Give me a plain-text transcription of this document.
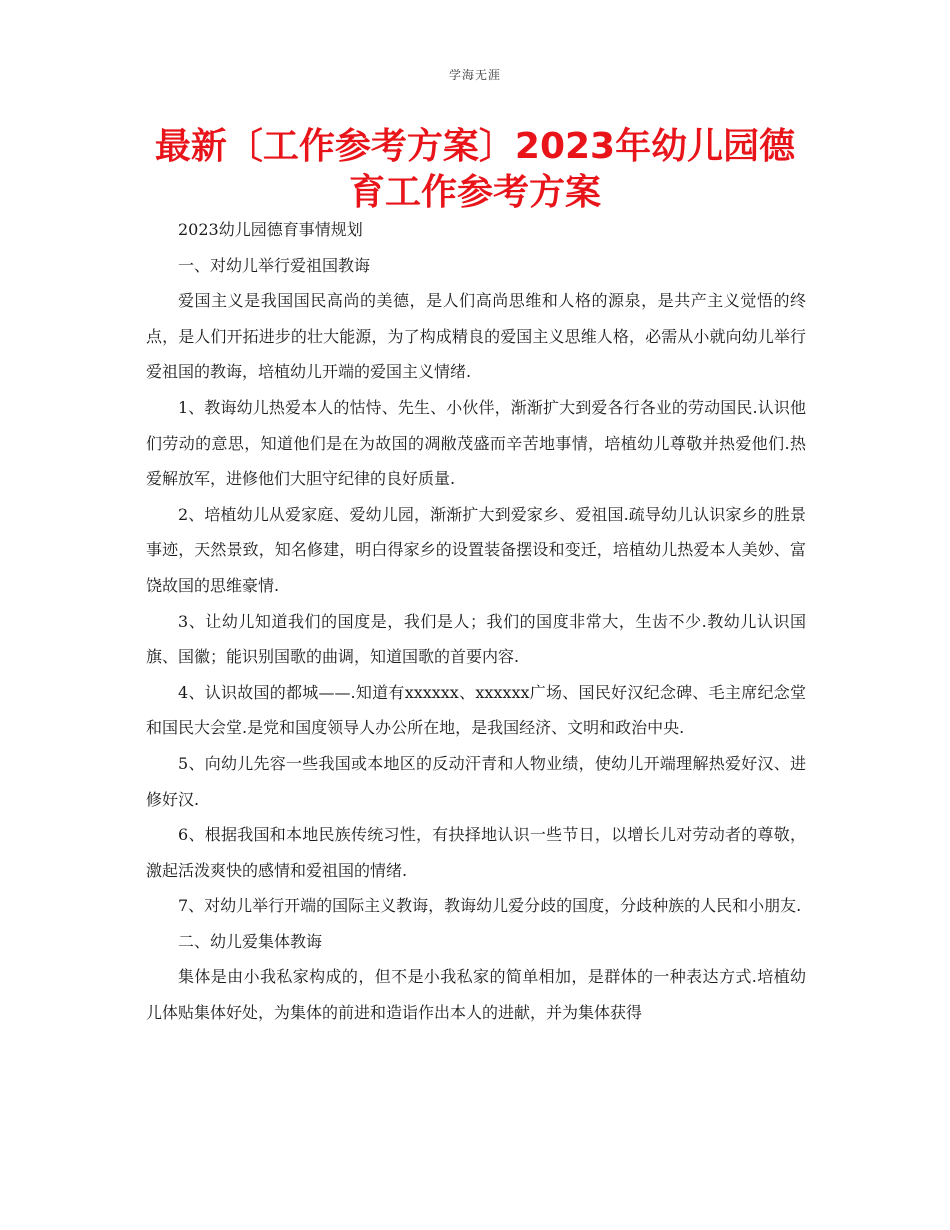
学海无涯
最新〔工作参考方案〕2023年幼儿园德育工作参考方案

2023幼儿园德育事情规划

一、对幼儿举行爱祖国教诲

爱国主义是我国国民高尚的美德，是人们高尚思维和人格的源泉，是共产主义觉悟的终点，是人们开拓进步的壮大能源，为了构成精良的爱国主义思维人格，必需从小就向幼儿举行爱祖国的教诲，培植幼儿开端的爱国主义情绪.

1、教诲幼儿热爱本人的怙恃、先生、小伙伴，渐渐扩大到爱各行各业的劳动国民.认识他们劳动的意思，知道他们是在为故国的凋敝茂盛而辛苦地事情，培植幼儿尊敬并热爱他们.热爱解放军，进修他们大胆守纪律的良好质量.

2、培植幼儿从爱家庭、爱幼儿园，渐渐扩大到爱家乡、爱祖国.疏导幼儿认识家乡的胜景事迹，天然景致，知名修建，明白得家乡的设置装备摆设和变迁，培植幼儿热爱本人美妙、富饶故国的思维豪情.

3、让幼儿知道我们的国度是，我们是人；我们的国度非常大，生齿不少.教幼儿认识国旗、国徽；能识别国歌的曲调，知道国歌的首要内容.

4、认识故国的都城——.知道有xxxxxx、xxxxxx广场、国民好汉纪念碑、毛主席纪念堂和国民大会堂.是党和国度领导人办公所在地，是我国经济、文明和政治中央.

5、向幼儿先容一些我国或本地区的反动汗青和人物业绩，使幼儿开端理解热爱好汉、进修好汉.

6、根据我国和本地民族传统习性，有抉择地认识一些节日，以增长儿对劳动者的尊敬，激起活泼爽快的感情和爱祖国的情绪.

7、对幼儿举行开端的国际主义教诲，教诲幼儿爱分歧的国度，分歧种族的人民和小朋友.

二、幼儿爱集体教诲

集体是由小我私家构成的，但不是小我私家的简单相加，是群体的一种表达方式.培植幼儿体贴集体好处，为集体的前进和造诣作出本人的进献，并为集体获得
